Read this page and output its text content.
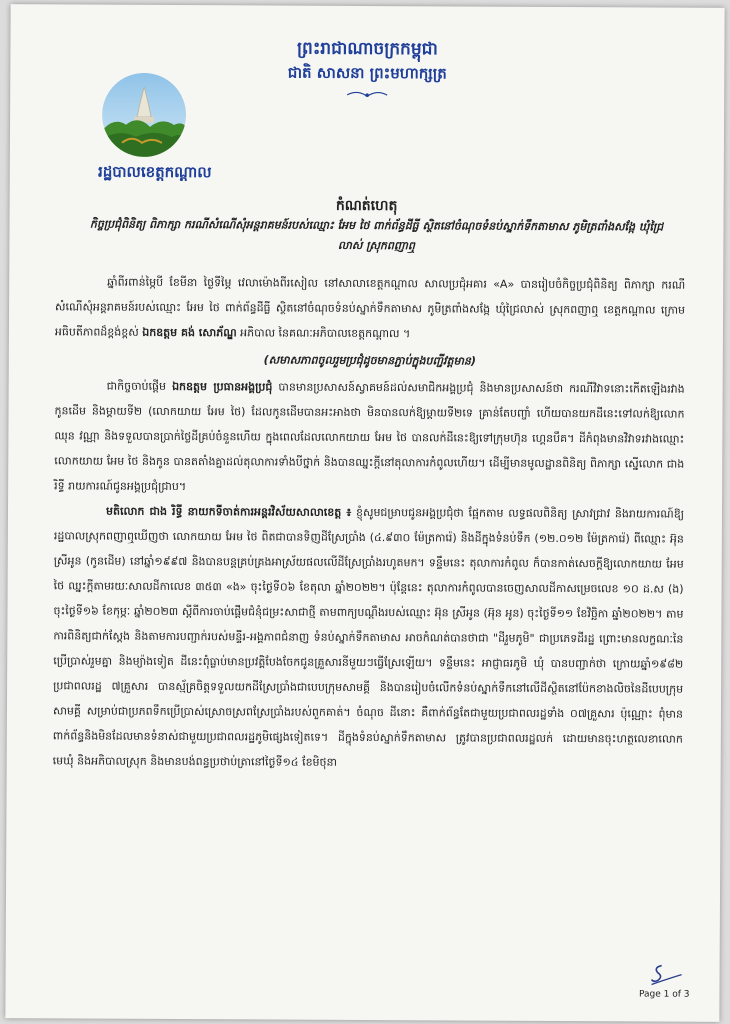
ព្រះរាជាណាចក្រកម្ពុជា
ជាតិ សាសនា ព្រះមហាក្សត្រ
រដ្ឋបាលខេត្តកណ្ដាល
កំណត់ហេតុ
កិច្ចប្រជុំពិនិត្យ ពិភាក្សា ករណីសំណើសុំអន្តរាគមន៍របស់ឈ្មោះ អែម ថៃ ពាក់ព័ន្ធដីធ្លី ស្ថិតនៅចំណុចទំនប់ស្នាក់ទឹកតាមាស ភូមិត្រពាំងសង្កែ ឃុំជ្រៃលាស់ ស្រុកពញាឮ

ឆ្នាំពីរពាន់ម្ភៃបី ខែមីនា ថ្ងៃទីម្ភៃ វេលាម៉ោងពីរសៀល នៅសាលាខេត្តកណ្ដាល សាលប្រជុំអគារ «A» បានរៀបចំកិច្ចប្រជុំពិនិត្យ ពិភាក្សា ករណីសំណើសុំអន្តរាគមន៍របស់ឈ្មោះ អែម ថៃ ពាក់ព័ន្ធដីធ្លី ស្ថិតនៅចំណុចទំនប់ស្នាក់ទឹកតាមាស ភូមិត្រពាំងសង្កែ ឃុំជ្រៃលាស់ ស្រុកពញាឮ ខេត្តកណ្ដាល ក្រោមអធិបតីភាពដ៏ខ្ពង់ខ្ពស់ ឯកឧត្តម គង់ សោភ័ណ្ឌ អភិបាល នៃគណៈអភិបាលខេត្តកណ្ដាល ។

(សមាសភាពចូលរួមប្រជុំដូចមានភ្ជាប់ក្នុងបញ្ជីវត្តមាន)

ជាកិច្ចចាប់ផ្ដើម ឯកឧត្តម ប្រធានអង្គប្រជុំ បានមានប្រសាសន៍ស្វាគមន៍ដល់សមាជិកអង្គប្រជុំ និងមានប្រសាសន៍ថា ករណីវិវាទនោះកើតឡើងរវាងកូនដើម និងម្ដាយទី២ (លោកយាយ អែម ថៃ) ដែលកូនដើមបានអះអាងថា មិនបានលក់ឱ្យម្ដាយទី២ទេ គ្រាន់តែបញ្ចាំ ហើយបានយកដីនេះទៅលក់ឱ្យលោក ឈុន វណ្ណា និងទទួលបានប្រាក់ថ្លៃដីគ្រប់ចំនួនហើយ ក្នុងពេលដែលលោកយាយ អែម ថៃ បានលក់ដីនេះឱ្យទៅក្រុមហ៊ុន ហ្គេនបឹគ។ ដីកំពុងមានវិវាទរវាងឈ្មោះ លោកយាយ អែម ថៃ និងកូន បានតតាំងគ្នាដល់តុលាការទាំងបីថ្នាក់ និងបានឈ្នះក្ដីនៅតុលាការកំពូលហើយ។ ដើម្បីមានមូលដ្ឋានពិនិត្យ ពិភាក្សា ស្នើលោក ជាង រិទ្ធី រាយការណ៍ជូនអង្គប្រជុំជ្រាប។

មតិលោក ជាង រិទ្ធី នាយកទីចាត់ការអន្តរវិស័យសាលាខេត្ត ៖ ខ្ញុំសូមជម្រាបជូនអង្គប្រជុំថា ផ្អែកតាម លទ្ធផលពិនិត្យ ស្រាវជ្រាវ និងរាយការណ៍ឱ្យរដ្ឋបាលស្រុកពញាឮឃើញថា លោកយាយ អែម ថៃ ពិតជាបានទិញដីស្រែប្រាំង (៤.៩៣០ ម៉ែត្រការ៉េ) និងដីក្នុងទំនប់ទឹក (១២.០១២ ម៉ែត្រការ៉េ) ពីឈ្មោះ អ៊ុន ស្រីអូន (កូនដើម) នៅឆ្នាំ១៩៩៧ និងបានបន្តគ្រប់គ្រងអាស្រ័យផលលើដីស្រែប្រាំងរហូតមក។ ទន្ទឹមនេះ តុលាការកំពូល ក៏បានកាត់សេចក្ដីឱ្យលោកយាយ អែម ថៃ ឈ្នះក្ដីតាមរយៈសាលដីកាលេខ ៣៥៣ «ង» ចុះថ្ងៃទី០៦ ខែតុលា ឆ្នាំ២០២២។ ប៉ុន្តែនេះ តុលាការកំពូលបានចេញសាលដីកាសម្រេចលេខ ១០ ដ.ស (ង) ចុះថ្ងៃទី១៦ ខែកុម្ភៈ ឆ្នាំ២០២៣ ស្ដីពីការចាប់ផ្ដើមជំនុំជម្រះសាជាថ្មី តាមពាក្យបណ្ដឹងរបស់ឈ្មោះ អ៊ុន ស្រីអូន (អ៊ុន អូន) ចុះថ្ងៃទី១១ ខែវិច្ឆិកា ឆ្នាំ២០២២។ តាមការពិនិត្យជាក់ស្ដែង និងតាមការបញ្ជាក់របស់មន្ទីរ-អង្គភាពជំនាញ ទំនប់ស្នាក់ទឹកតាមាស អាចកំណត់បានថាជា "ដីរួមភូមិ" ជាប្រភេទដីរដ្ឋ ព្រោះមានលក្ខណៈនៃប្រើប្រាស់រួមគ្នា និងម្យ៉ាងទៀត ដីនេះពុំធ្លាប់មានប្រវត្តិបែងចែកជូនគ្រួសារនីមួយៗធ្វើស្រែឡើយ។ ទន្ទឹមនេះ អាជ្ញាធរភូមិ ឃុំ បានបញ្ជាក់ថា ក្រោយឆ្នាំ១៩៨២ ប្រជាពលរដ្ឋ ៧គ្រួសារ បានស្ម័គ្រចិត្តទទួលយកដីស្រែប្រាំងជាបេបក្រុមសាមគ្គី និងបានរៀបចំលើកទំនប់ស្នាក់ទឹកនៅលើដីស្ថិតនៅប៉ែកខាងលិចនៃដីបេបក្រុមសាមគ្គី សម្រាប់ជាប្រភពទឹកប្រើប្រាស់ស្រោចស្រពស្រែប្រាំងរបស់ពួកគាត់។ ចំណុច ដីនោះ គឺពាក់ព័ន្ធតែជាមួយប្រជាពលរដ្ឋទាំង ០៧គ្រួសារ ប៉ុណ្ណោះ ពុំមានពាក់ព័ន្ធនិងមិនដែលមានទំនាស់ជាមួយប្រជាពលរដ្ឋភូមិផ្សេងទៀតទេ។ ដីក្នុងទំនប់ស្នាក់ទឹកតាមាស ត្រូវបានប្រជាពលរដ្ឋលក់ ដោយមានចុះហត្ថលេខាលោកមេឃុំ និងអភិបាលស្រុក និងមានបង់ពន្ធប្រថាប់ត្រានៅថ្ងៃទី១៤ ខែមិថុនា

Page 1 of 3
